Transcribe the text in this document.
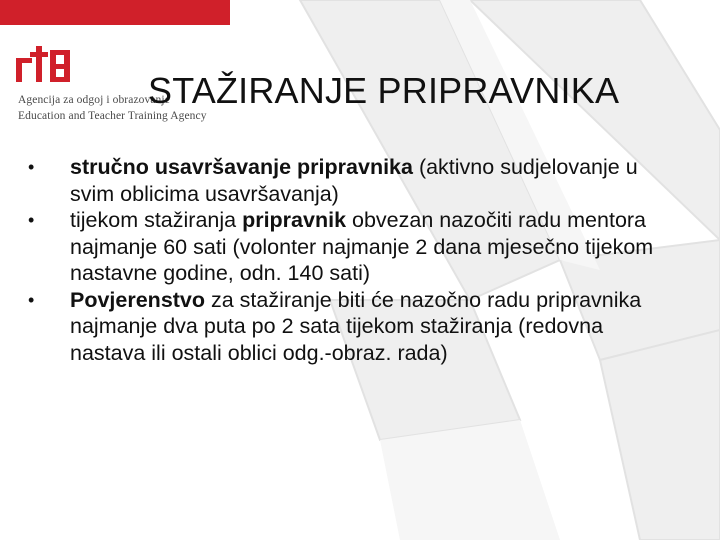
Agencija za odgoj i obrazovanje
Education and Teacher Training Agency
STAŽIRANJE PRIPRAVNIKA
• stručno usavršavanje pripravnika (aktivno sudjelovanje u svim oblicima usavršavanja)
• tijekom stažiranja pripravnik obvezan nazočiti radu mentora najmanje 60 sati (volonter najmanje 2 dana mjesečno tijekom nastavne godine, odn. 140 sati)
• Povjerenstvo za stažiranje biti će nazočno radu pripravnika najmanje dva puta po 2 sata tijekom stažiranja (redovna nastava ili ostali oblici odg.-obraz. rada)
